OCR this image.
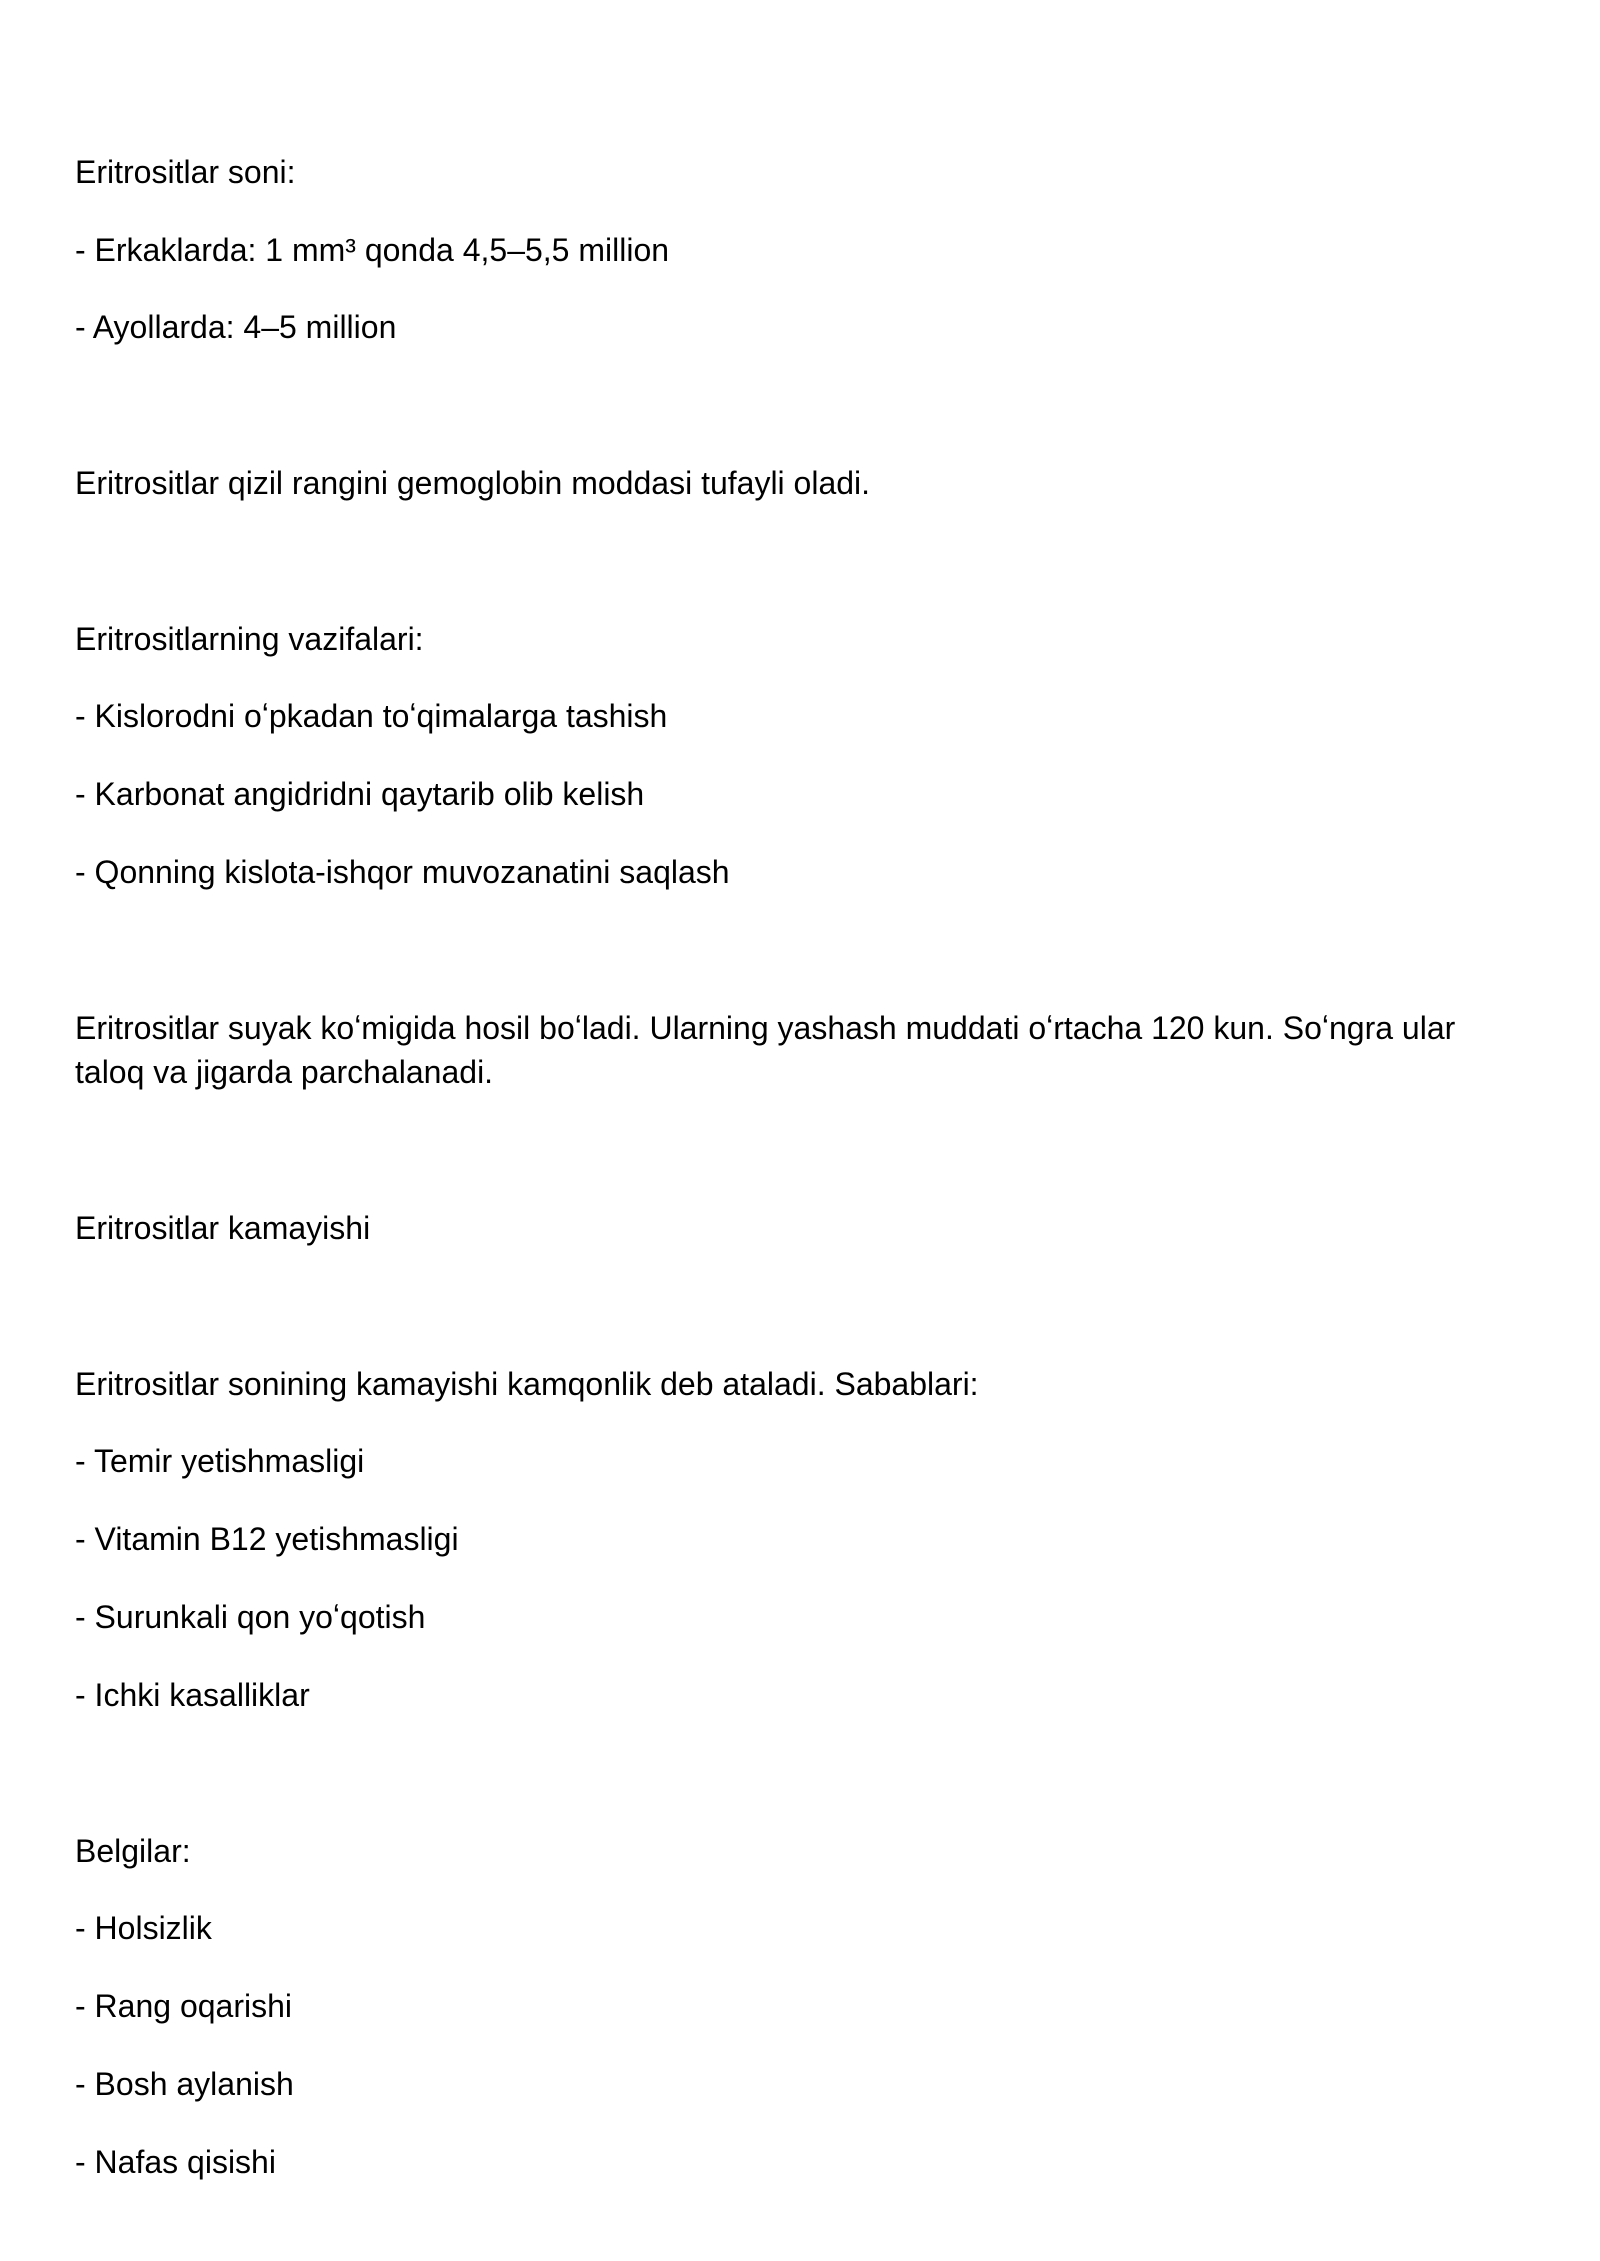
Eritrositlar soni:

- Erkaklarda: 1 mm³ qonda 4,5–5,5 million

- Ayollarda: 4–5 million

Eritrositlar qizil rangini gemoglobin moddasi tufayli oladi.

Eritrositlarning vazifalari:

- Kislorodni oʻpkadan toʻqimalarga tashish

- Karbonat angidridni qaytarib olib kelish

- Qonning kislota-ishqor muvozanatini saqlash

Eritrositlar suyak koʻmigida hosil boʻladi. Ularning yashash muddati oʻrtacha 120 kun. Soʻngra ular taloq va jigarda parchalanadi.

Eritrositlar kamayishi

Eritrositlar sonining kamayishi kamqonlik deb ataladi. Sabablari:

- Temir yetishmasligi

- Vitamin B12 yetishmasligi

- Surunkali qon yoʻqotish

- Ichki kasalliklar

Belgilar:

- Holsizlik

- Rang oqarishi

- Bosh aylanish

- Nafas qisishi
